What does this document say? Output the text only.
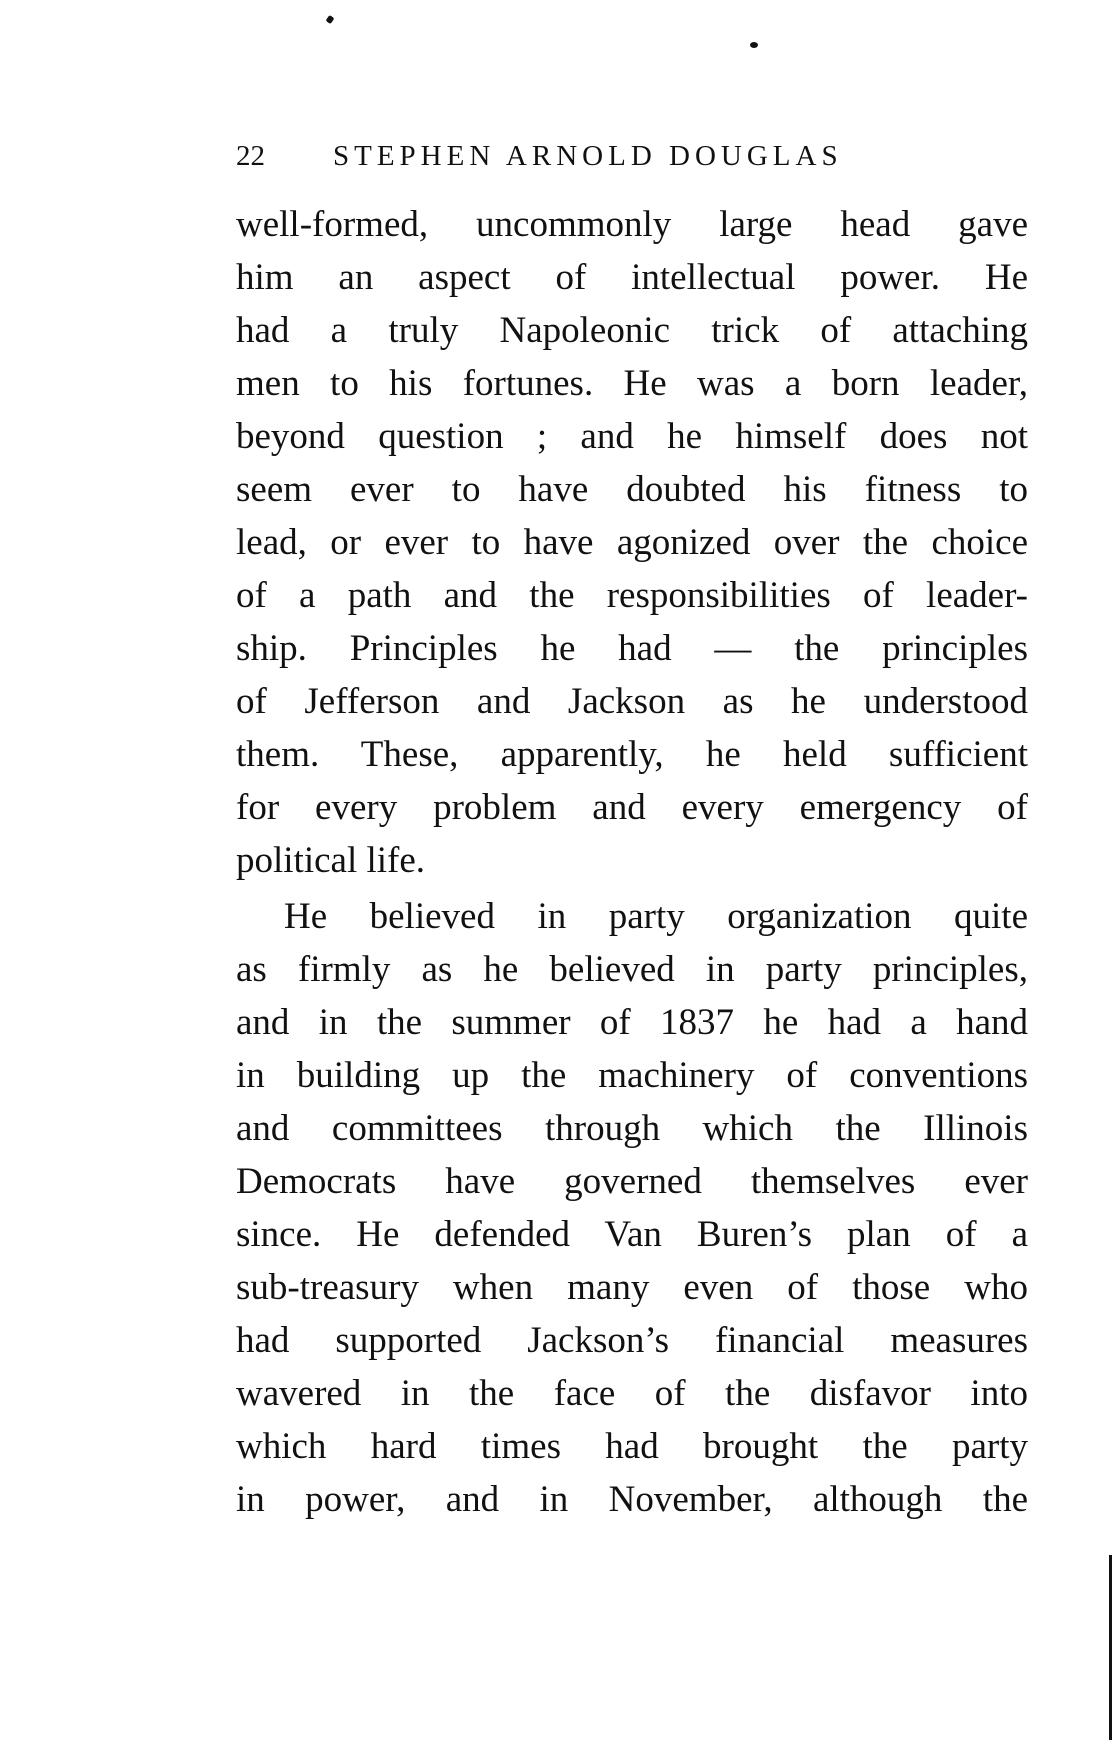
22 STEPHEN ARNOLD DOUGLAS
well-formed, uncommonly large head gave
him an aspect of intellectual power. He
had a truly Napoleonic trick of attaching
men to his fortunes. He was a born leader,
beyond question ; and he himself does not
seem ever to have doubted his fitness to
lead, or ever to have agonized over the choice
of a path and the responsibilities of leader-
ship. Principles he had — the principles
of Jefferson and Jackson as he understood
them. These, apparently, he held sufficient
for every problem and every emergency of
political life.
He believed in party organization quite
as firmly as he believed in party principles,
and in the summer of 1837 he had a hand
in building up the machinery of conventions
and committees through which the Illinois
Democrats have governed themselves ever
since. He defended Van Buren’s plan of a
sub-treasury when many even of those who
had supported Jackson’s financial measures
wavered in the face of the disfavor into
which hard times had brought the party
in power, and in November, although the
